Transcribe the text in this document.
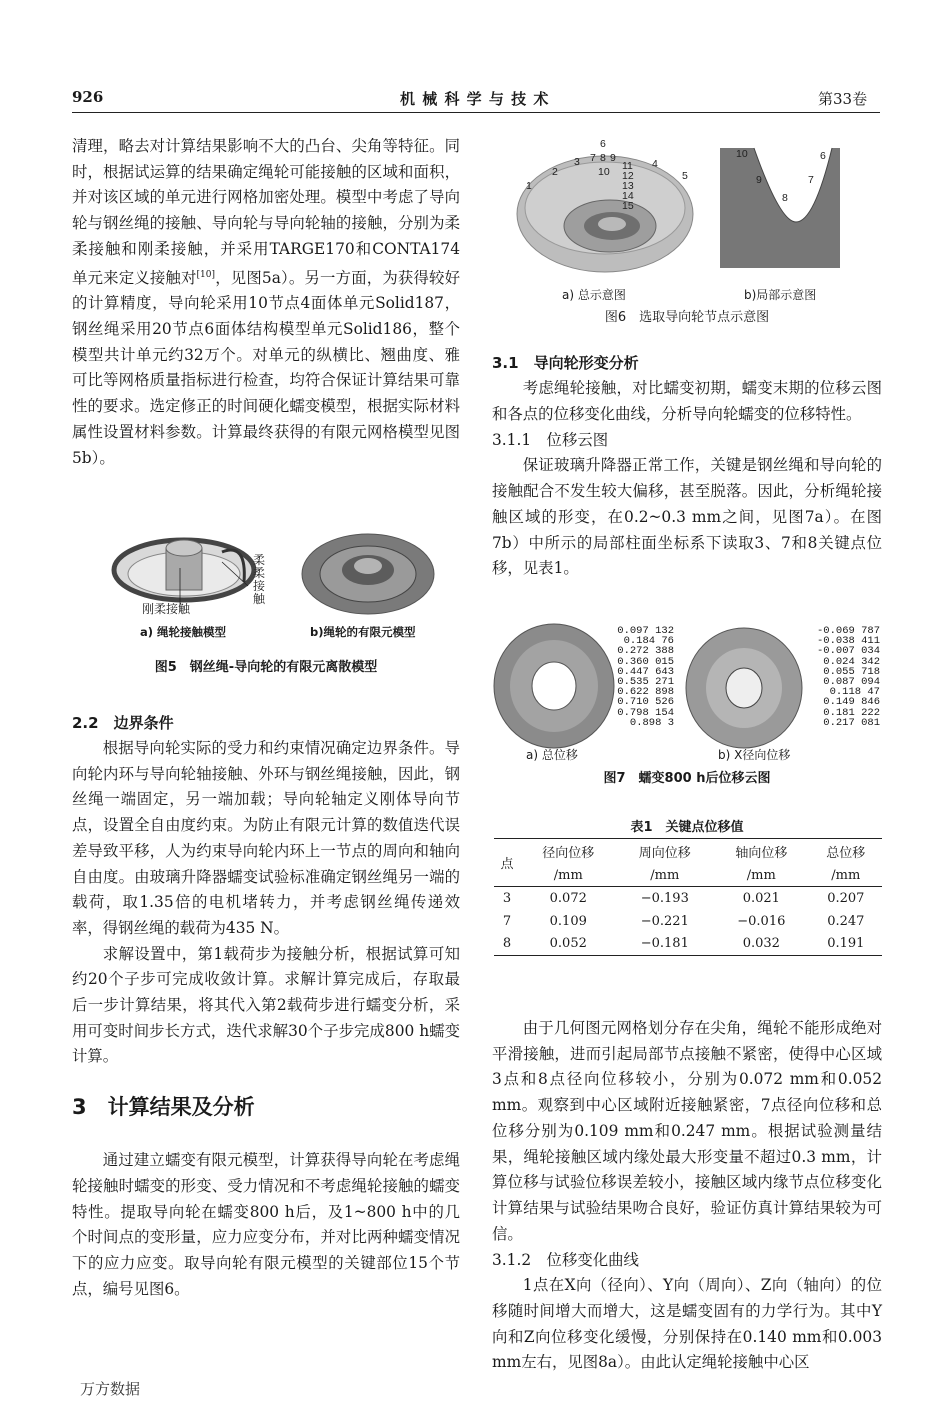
926	机 械 科 学 与 技 术	第33卷

清理，略去对计算结果影响不大的凸台、尖角等特征。同时，根据试运算的结果确定绳轮可能接触的区域和面积，并对该区域的单元进行网格加密处理。模型中考虑了导向轮与钢丝绳的接触、导向轮与导向轮轴的接触，分别为柔柔接触和刚柔接触，并采用TARGE170和CONTA174单元来定义接触对[10]，见图5a）。另一方面，为获得较好的计算精度，导向轮采用10节点4面体单元Solid187，钢丝绳采用20节点6面体结构模型单元Solid186，整个模型共计单元约32万个。对单元的纵横比、翘曲度、雅可比等网格质量指标进行检查，均符合保证计算结果可靠性的要求。选定修正的时间硬化蠕变模型，根据实际材料属性设置材料参数。计算最终获得的有限元网格模型见图5b）。

刚柔接触
柔柔接触
a) 绳轮接触模型	b)绳轮的有限元模型
图5　钢丝绳-导向轮的有限元离散模型

2.2　边界条件

根据导向轮实际的受力和约束情况确定边界条件。导向轮内环与导向轮轴接触、外环与钢丝绳接触，因此，钢丝绳一端固定，另一端加载；导向轮轴定义刚体导向节点，设置全自由度约束。为防止有限元计算的数值迭代误差导致平移，人为约束导向轮内环上一节点的周向和轴向自由度。由玻璃升降器蠕变试验标准确定钢丝绳另一端的载荷，取1.35倍的电机堵转力，并考虑钢丝绳传递效率，得钢丝绳的载荷为435 N。

求解设置中，第1载荷步为接触分析，根据试算可知约20个子步可完成收敛计算。求解计算完成后，存取最后一步计算结果，将其代入第2载荷步进行蠕变分析，采用可变时间步长方式，迭代求解30个子步完成800 h蠕变计算。

3　计算结果及分析

通过建立蠕变有限元模型，计算获得导向轮在考虑绳轮接触时蠕变的形变、受力情况和不考虑绳轮接触的蠕变特性。提取导向轮在蠕变800 h后，及1~800 h中的几个时间点的变形量，应力应变分布，并对比两种蠕变情况下的应力应变。取导向轮有限元模型的关键部位15个节点，编号见图6。

万方数据
1
2
3	4
5
6
7 8 9
10 11
12
13
14
15
10
9
8
7
6
a) 总示意图	b)局部示意图
图6　选取导向轮节点示意图

3.1　导向轮形变分析

考虑绳轮接触，对比蠕变初期，蠕变末期的位移云图和各点的位移变化曲线，分析导向轮蠕变的位移特性。

3.1.1　位移云图

保证玻璃升降器正常工作，关键是钢丝绳和导向轮的接触配合不发生较大偏移，甚至脱落。因此，分析绳轮接触区域的形变，在0.2~0.3 mm之间，见图7a）。在图7b）中所示的局部柱面坐标系下读取3、7和8关键点位移，见表1。

0.097 132
0.184 76
0.272 388
0.360 015
0.447 643
0.535 271
0.622 898
0.710 526
0.798 154
0.898 3
-0.069 787
-0.038 411
-0.007 034
0.024 342
0.055 718
0.087 094
0.118 47
0.149 846
0.181 222
0.217 081
a) 总位移	b) X径向位移
图7　蠕变800 h后位移云图
表1　关键点位移值
点	径向位移	周向位移	轴向位移	总位移
	/mm	/mm	/mm	/mm
3	0.072	−0.193	0.021	0.207
7	0.109	−0.221	−0.016	0.247
8	0.052	−0.181	0.032	0.191

由于几何图元网格划分存在尖角，绳轮不能形成绝对平滑接触，进而引起局部节点接触不紧密，使得中心区域3点和8点径向位移较小，分别为0.072 mm和0.052 mm。观察到中心区域附近接触紧密，7点径向位移和总位移分别为0.109 mm和0.247 mm。根据试验测量结果，绳轮接触区域内缘处最大形变量不超过0.3 mm，计算位移与试验位移误差较小，接触区域内缘节点位移变化计算结果与试验结果吻合良好，验证仿真计算结果较为可信。

3.1.2　位移变化曲线

1点在X向（径向）、Y向（周向）、Z向（轴向）的位移随时间增大而增大，这是蠕变固有的力学行为。其中Y向和Z向位移变化缓慢，分别保持在0.140 mm和0.003 mm左右，见图8a）。由此认定绳轮接触中心区
